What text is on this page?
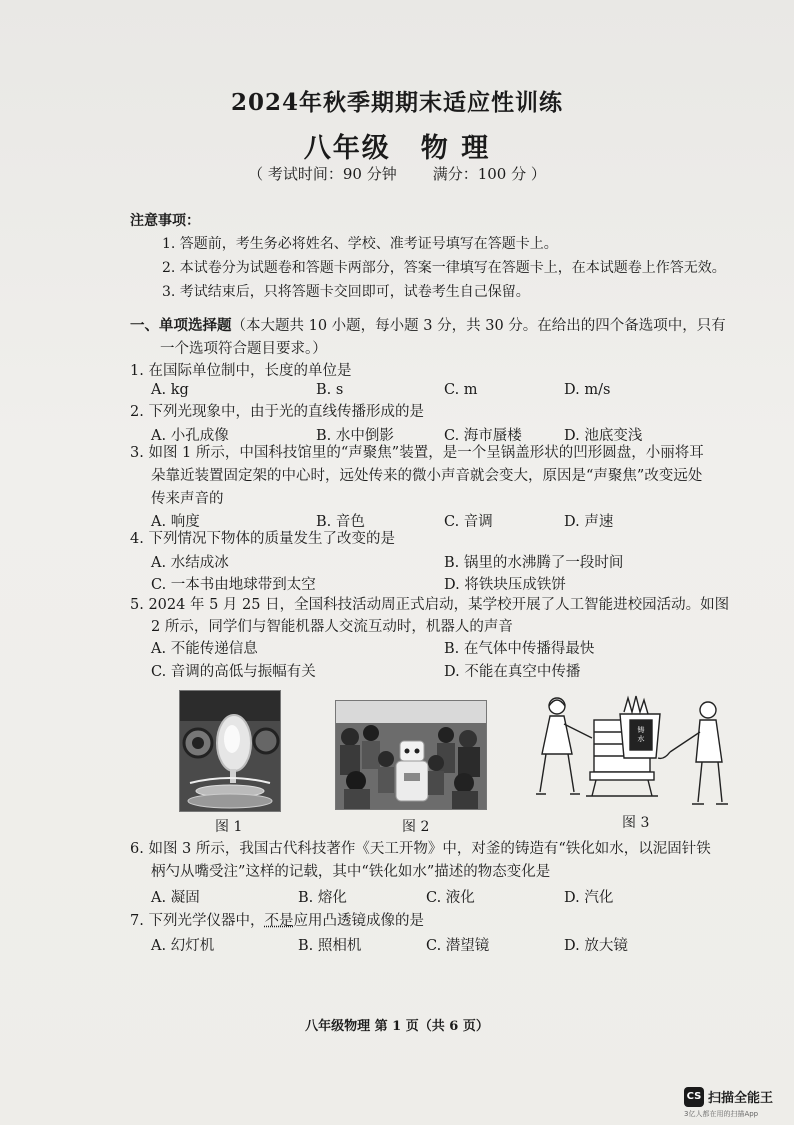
2024年秋季期期末适应性训练
八年级 物 理
（ 考试时间：90 分钟 满分：100 分 ）
注意事项：
1. 答题前，考生务必将姓名、学校、准考证号填写在答题卡上。
2. 本试卷分为试题卷和答题卡两部分，答案一律填写在答题卡上，在本试题卷上作答无效。
3. 考试结束后，只将答题卡交回即可，试卷考生自己保留。
一、单项选择题（本大题共 10 小题，每小题 3 分，共 30 分。在给出的四个备选项中，只有
一个选项符合题目要求。）
1. 在国际单位制中，长度的单位是
A. kg	B. s	C. m	D. m/s
2. 下列光现象中，由于光的直线传播形成的是
A. 小孔成像	B. 水中倒影	C. 海市蜃楼	D. 池底变浅
3. 如图 1 所示，中国科技馆里的“声聚焦”装置，是一个呈锅盖形状的凹形圆盘，小丽将耳
朵靠近装置固定架的中心时，远处传来的微小声音就会变大，原因是“声聚焦”改变远处
传来声音的
A. 响度	B. 音色	C. 音调	D. 声速
4. 下列情况下物体的质量发生了改变的是
A. 水结成冰	B. 锅里的水沸腾了一段时间
C. 一本书由地球带到太空	D. 将铁块压成铁饼
5. 2024 年 5 月 25 日，全国科技活动周正式启动，某学校开展了人工智能进校园活动。如图
2 所示，同学们与智能机器人交流互动时，机器人的声音
A. 不能传递信息	B. 在气体中传播得最快
C. 音调的高低与振幅有关	D. 不能在真空中传播
图 1	图 2
铸
水
图 3
6. 如图 3 所示，我国古代科技著作《天工开物》中，对釜的铸造有“铁化如水，以泥固针铁
柄勺从嘴受注”这样的记载，其中“铁化如水”描述的物态变化是
A. 凝固	B. 熔化	C. 液化	D. 汽化
7. 下列光学仪器中，不是应用凸透镜成像的是
A. 幻灯机	B. 照相机	C. 潜望镜	D. 放大镜
八年级物理 第 1 页（共 6 页）
CS 扫描全能王
3亿人都在用的扫描App
